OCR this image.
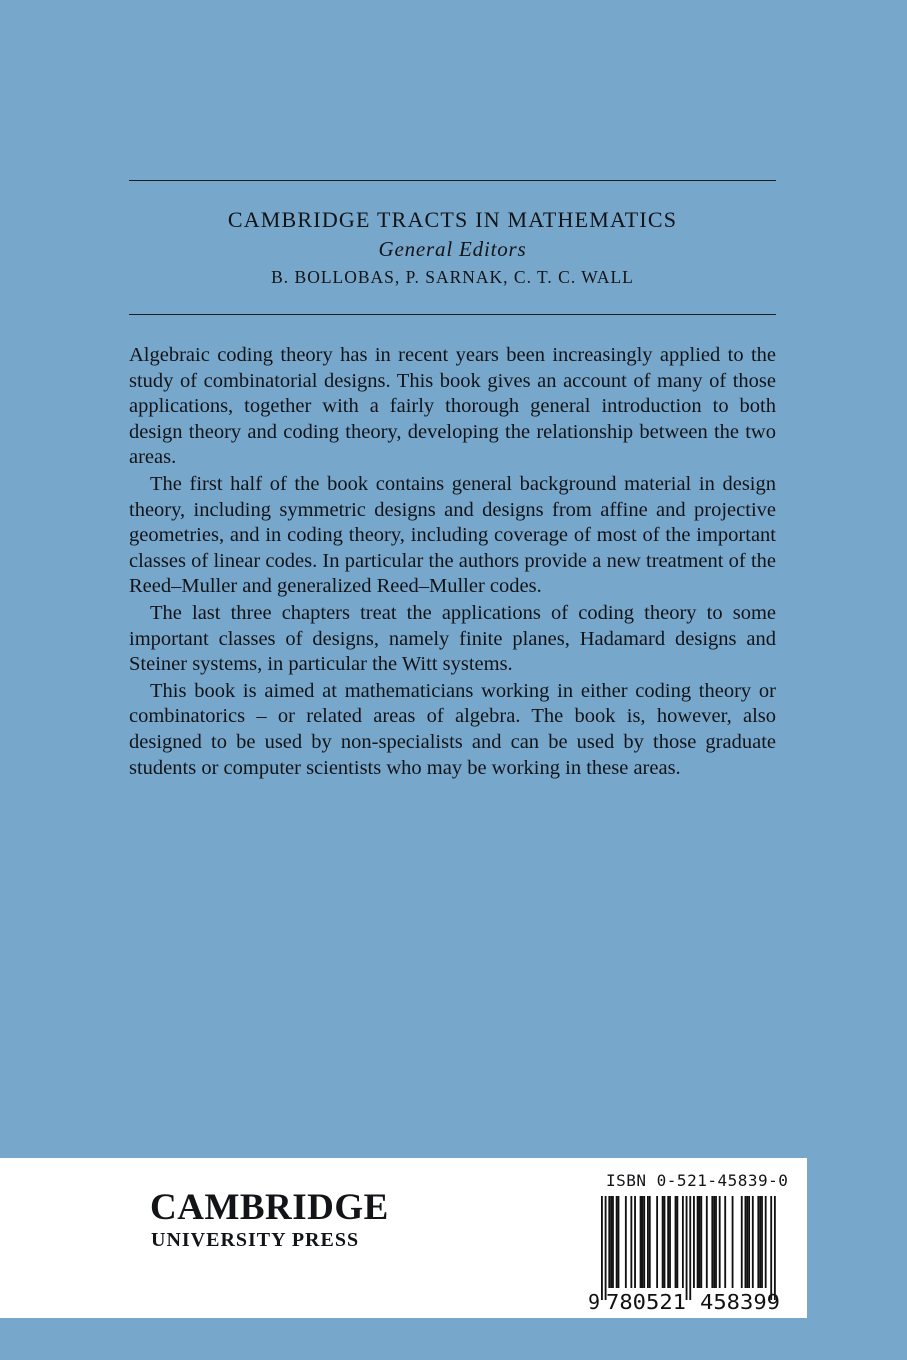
CAMBRIDGE TRACTS IN MATHEMATICS
General Editors
B. BOLLOBAS, P. SARNAK, C. T. C. WALL

Algebraic coding theory has in recent years been increasingly applied to the study of combinatorial designs. This book gives an account of many of those applications, together with a fairly thorough general introduction to both design theory and coding theory, developing the relationship between the two areas.

The first half of the book contains general background material in design theory, including symmetric designs and designs from affine and projective geometries, and in coding theory, including coverage of most of the important classes of linear codes. In particular the authors provide a new treatment of the Reed–Muller and generalized Reed–Muller codes.

The last three chapters treat the applications of coding theory to some important classes of designs, namely finite planes, Hadamard designs and Steiner systems, in particular the Witt systems.

This book is aimed at mathematicians working in either coding theory or combinatorics – or related areas of algebra. The book is, however, also designed to be used by non-specialists and can be used by those graduate students or computer scientists who may be working in these areas.

CAMBRIDGE
UNIVERSITY PRESS
ISBN 0-521-45839-0
9 780521 458399
